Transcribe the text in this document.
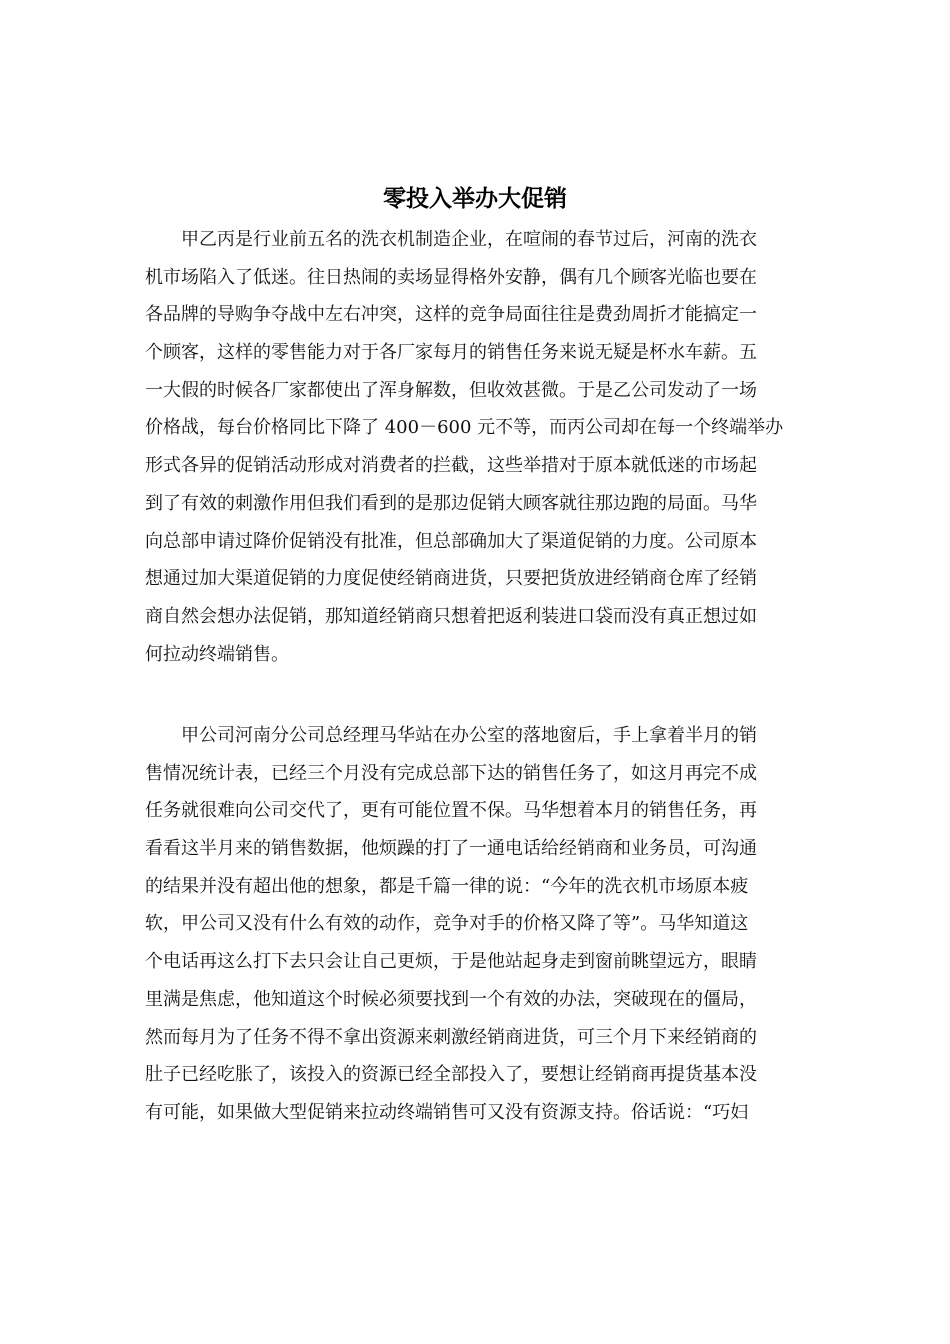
零投入举办大促销
甲乙丙是行业前五名的洗衣机制造企业，在喧闹的春节过后，河南的洗衣
机市场陷入了低迷。往日热闹的卖场显得格外安静，偶有几个顾客光临也要在
各品牌的导购争夺战中左右冲突，这样的竞争局面往往是费劲周折才能搞定一
个顾客，这样的零售能力对于各厂家每月的销售任务来说无疑是杯水车薪。五
一大假的时候各厂家都使出了浑身解数，但收效甚微。于是乙公司发动了一场
价格战，每台价格同比下降了 400－600 元不等，而丙公司却在每一个终端举办
形式各异的促销活动形成对消费者的拦截，这些举措对于原本就低迷的市场起
到了有效的刺激作用但我们看到的是那边促销大顾客就往那边跑的局面。马华
向总部申请过降价促销没有批准，但总部确加大了渠道促销的力度。公司原本
想通过加大渠道促销的力度促使经销商进货，只要把货放进经销商仓库了经销
商自然会想办法促销，那知道经销商只想着把返利装进口袋而没有真正想过如
何拉动终端销售。
甲公司河南分公司总经理马华站在办公室的落地窗后，手上拿着半月的销
售情况统计表，已经三个月没有完成总部下达的销售任务了，如这月再完不成
任务就很难向公司交代了，更有可能位置不保。马华想着本月的销售任务，再
看看这半月来的销售数据，他烦躁的打了一通电话给经销商和业务员，可沟通
的结果并没有超出他的想象，都是千篇一律的说：“今年的洗衣机市场原本疲
软，甲公司又没有什么有效的动作，竞争对手的价格又降了等”。马华知道这
个电话再这么打下去只会让自己更烦，于是他站起身走到窗前眺望远方，眼睛
里满是焦虑，他知道这个时候必须要找到一个有效的办法，突破现在的僵局，
然而每月为了任务不得不拿出资源来刺激经销商进货，可三个月下来经销商的
肚子已经吃胀了，该投入的资源已经全部投入了，要想让经销商再提货基本没
有可能，如果做大型促销来拉动终端销售可又没有资源支持。俗话说：“巧妇
